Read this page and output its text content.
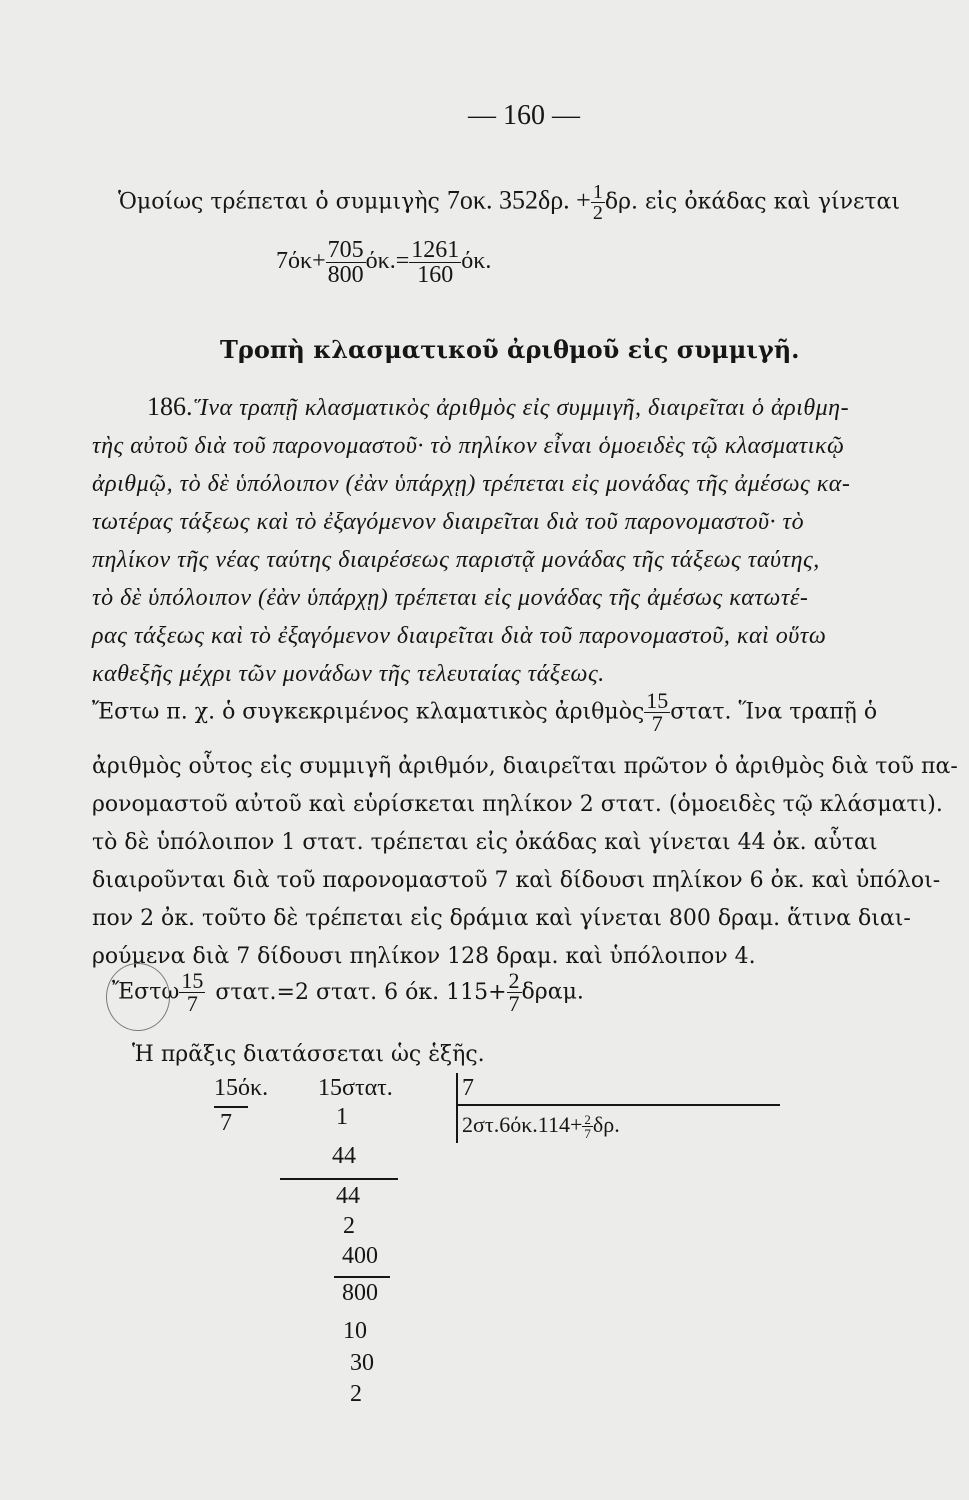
— 160 —
Ὁμοίως τρέπεται ὁ συμμιγὴς 7οκ. 352δρ. + $\frac{1}{2} \delta\rho$. εἰς ὀκάδας καὶ γίνεται
$7ό\kappa+ \frac{705}{800} ό\kappa.= \frac{1261}{160} ό\kappa$.
Τροπὴ κλασματικοῦ ἀριθμοῦ εἰς συμμιγῆ.
186. Ἵνα τραπῇ κλασματικὸς ἀριθμὸς εἰς συμμιγῆ, διαιρεῖται ὁ ἀριθμη-
τὴς αὐτοῦ διὰ τοῦ παρονομαστοῦ· τὸ πηλίκον εἶναι ὁμοειδὲς τῷ κλασματικῷ
ἀριθμῷ, τὸ δὲ ὑπόλοιπον (ἐὰν ὑπάρχῃ) τρέπεται εἰς μονάδας τῆς ἀμέσως κα-
τωτέρας τάξεως καὶ τὸ ἐξαγόμενον διαιρεῖται διὰ τοῦ παρονομαστοῦ· τὸ
πηλίκον τῆς νέας ταύτης διαιρέσεως παριστᾷ μονάδας τῆς τάξεως ταύτης,
τὸ δὲ ὑπόλοιπον (ἐὰν ὑπάρχῃ) τρέπεται εἰς μονάδας τῆς ἀμέσως κατωτέ-
ρας τάξεως καὶ τὸ ἐξαγόμενον διαιρεῖται διὰ τοῦ παρονομαστοῦ, καὶ οὕτω
καθεξῆς μέχρι τῶν μονάδων τῆς τελευταίας τάξεως.
Ἔστω π. χ. ὁ συγκεκριμένος κλαματικὸς ἀριθμὸς $\frac{15}{7} \sigma\tau\alpha\tau$. Ἵνα τραπῇ ὁ
ἀριθμὸς οὗτος εἰς συμμιγῆ ἀριθμόν, διαιρεῖται πρῶτον ὁ ἀριθμὸς διὰ τοῦ πα-
ρονομαστοῦ αὐτοῦ καὶ εὑρίσκεται πηλίκον 2 στατ. (ὁμοειδὲς τῷ κλάσματι).
τὸ δὲ ὑπόλοιπον 1 στατ. τρέπεται εἰς ὀκάδας καὶ γίνεται 44 ὀκ. αὗται
διαιροῦνται διὰ τοῦ παρονομαστοῦ 7 καὶ δίδουσι πηλίκον 6 ὀκ. καὶ ὑπόλοι-
πον 2 ὀκ. τοῦτο δὲ τρέπεται εἰς δράμια καὶ γίνεται 800 δραμ. ἅτινα διαι-
ρούμενα διὰ 7 δίδουσι πηλίκον 128 δραμ. καὶ ὑπόλοιπον 4.
Ἔστω $\frac{15}{7} \sigma\tau\alpha\tau.=2$ στατ. 6 όκ. $115+ \frac{2}{7} \delta\rho\alpha\mu$.
Ἡ πρᾶξις διατάσσεται ὡς ἑξῆς.
15όκ.
7
15στατ.
1
44
44
2
400
800
10
30
2
7
$2\sigma\tau.6ό\kappa.114+ \frac{2}{7} \delta\rho$.
